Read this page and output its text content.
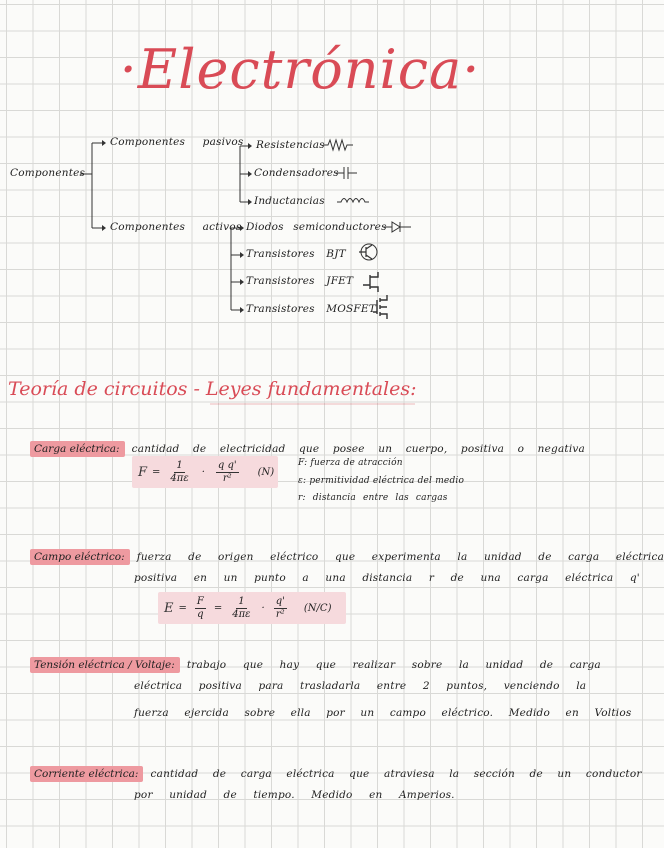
·Electrónica·
Componentes
Componentes pasivos
Componentes activos
Resistencias
Condensadores
Inductancias
Diodos semiconductores
Transistores BJT
Transistores JFET
Transistores MOSFET
Teoría de circuitos - Leyes fundamentales:
Carga eléctrica: cantidad de electricidad que posee un cuerpo, positiva o negativa
$F = \frac{1}{4\pi\varepsilon} \cdot \frac{\text{q q'}}{\text{r²}} (N)$
F: fuerza de atracción
ε: permitividad eléctrica del medio
r: distancia entre las cargas
Campo eléctrico: fuerza de origen eléctrico que experimenta la unidad de carga eléctrica
positiva en un punto a una distancia r de una carga eléctrica q'
$E = \frac{F}{q} = \frac{1}{4\pi\varepsilon} \cdot \frac{q'}{\text{r²}} (N/C)$
Tensión eléctrica / Voltaje: trabajo que hay que realizar sobre la unidad de carga
eléctrica positiva para trasladarla entre 2 puntos, venciendo la
fuerza ejercida sobre ella por un campo eléctrico. Medido en Voltios
Corriente eléctrica: cantidad de carga eléctrica que atraviesa la sección de un conductor
por unidad de tiempo. Medido en Amperios.
